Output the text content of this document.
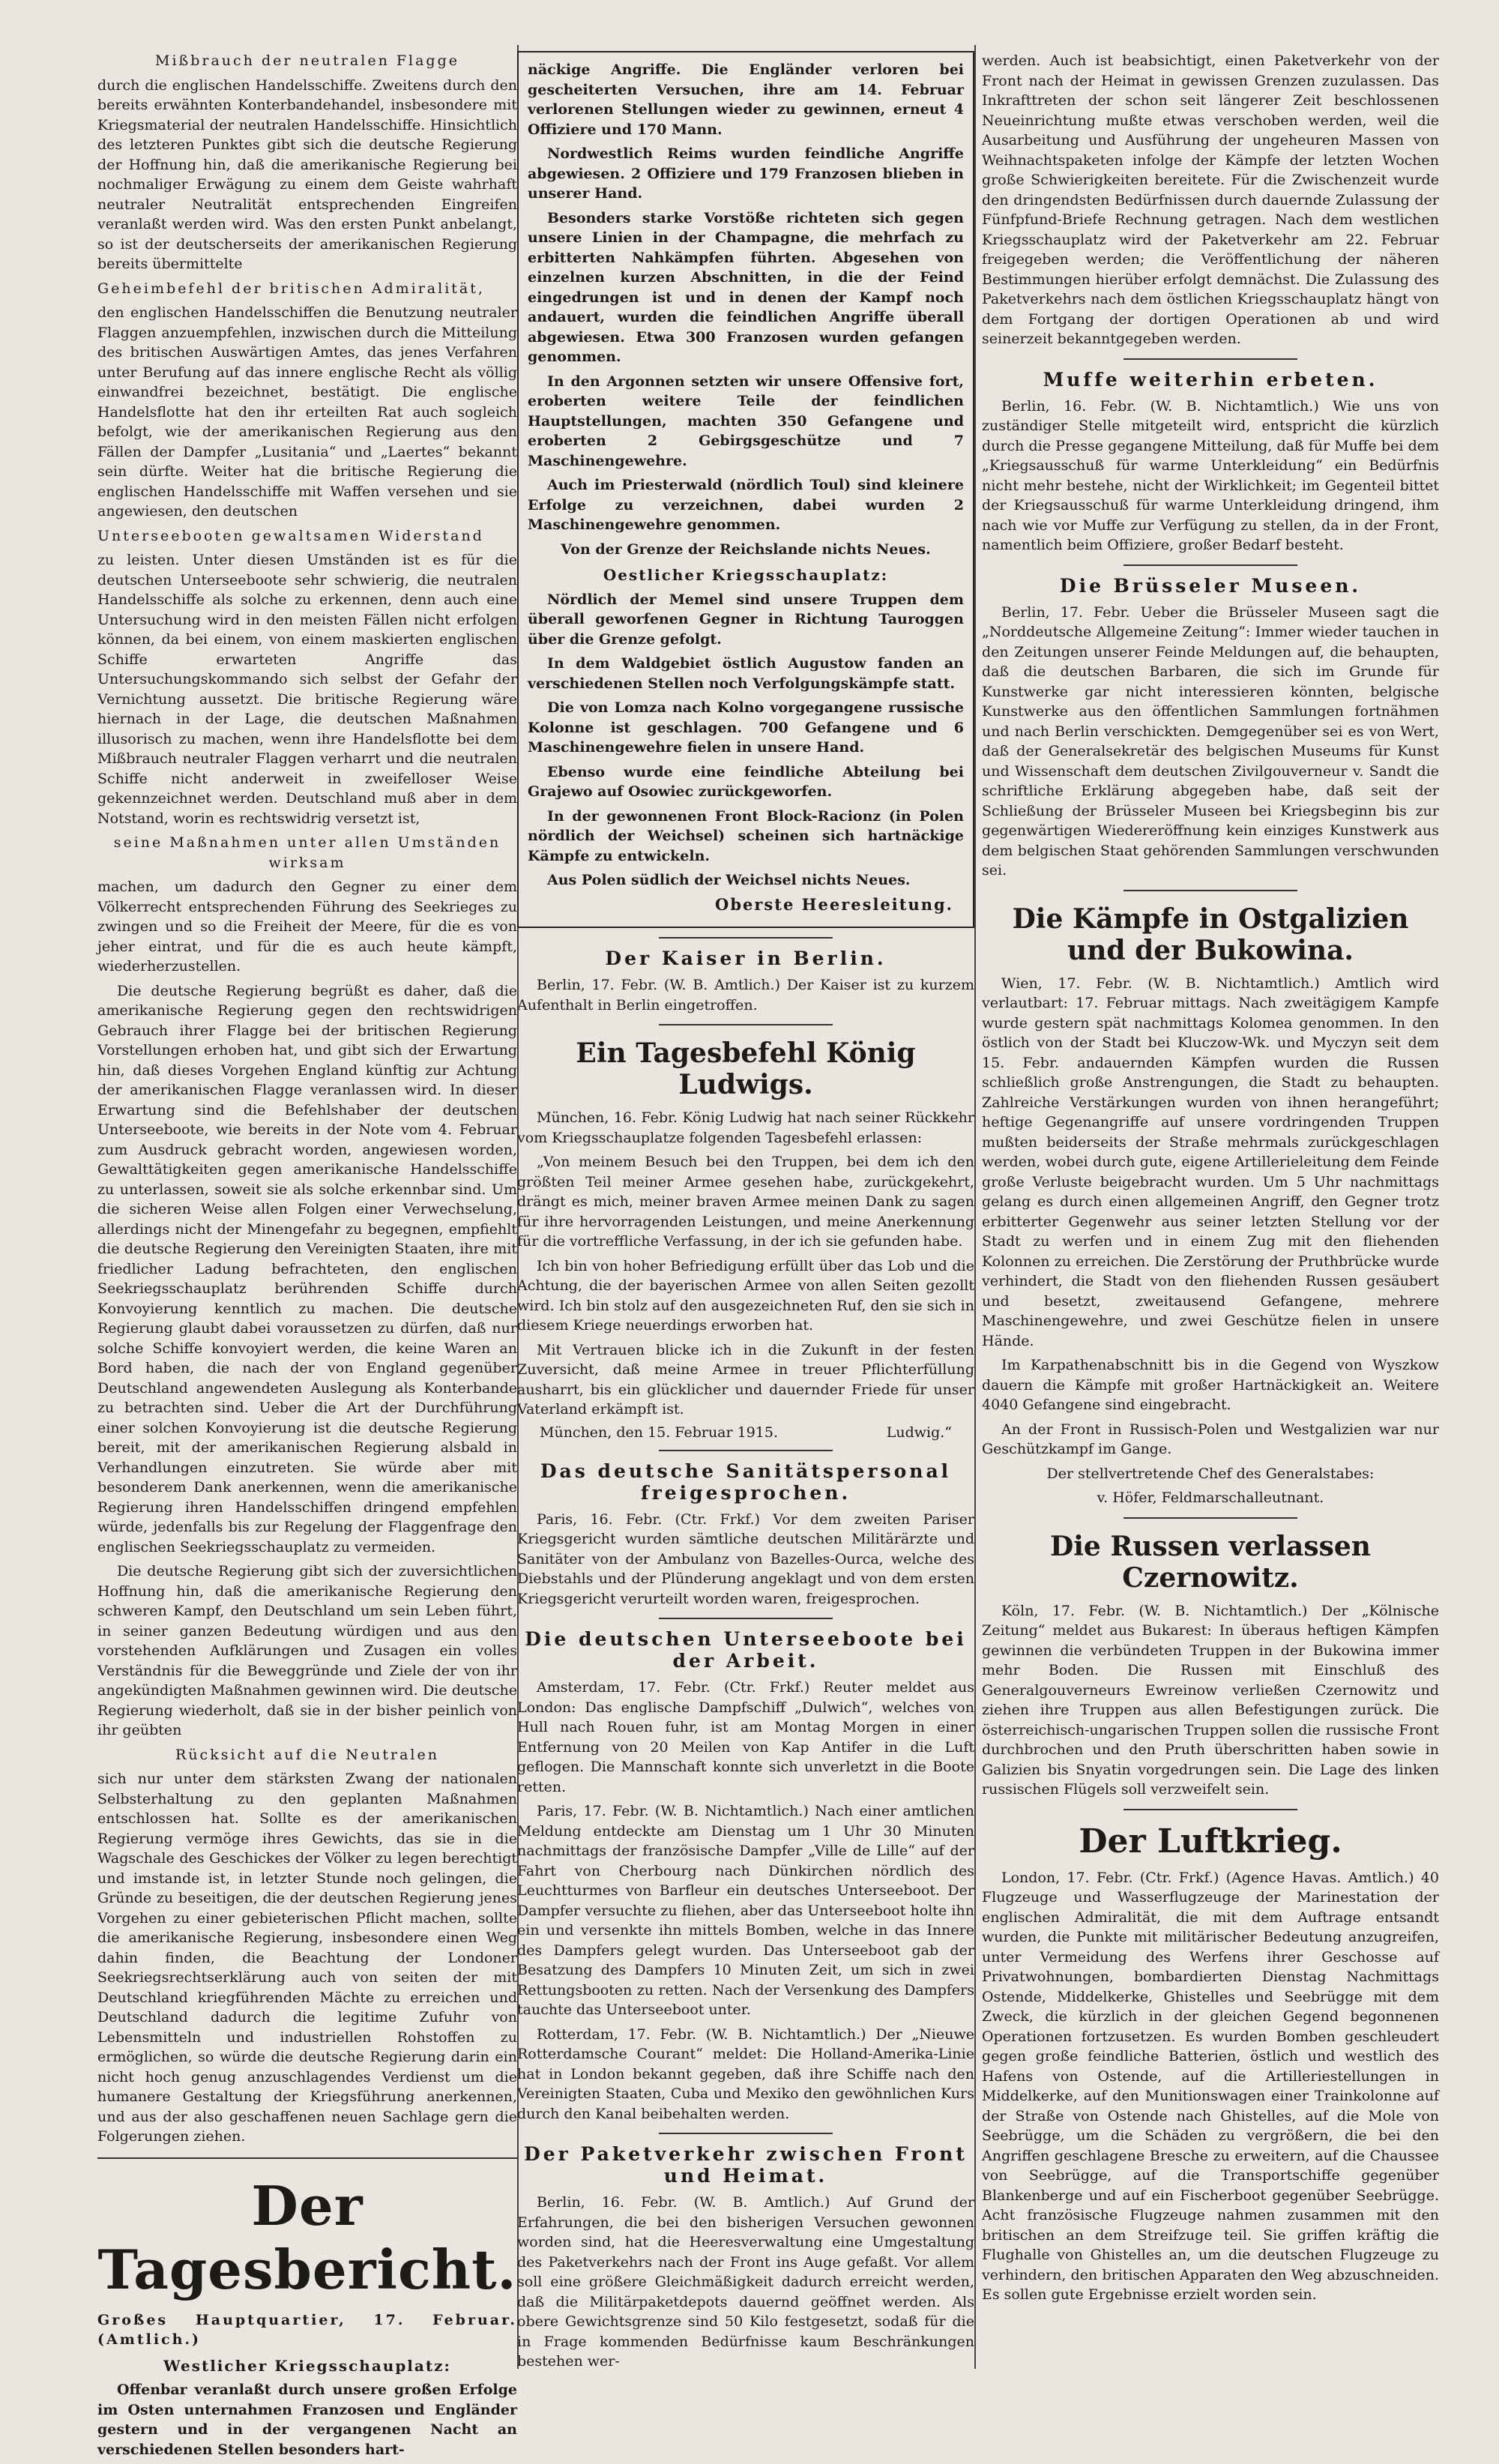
Mißbrauch der neutralen Flagge

durch die englischen Handelsschiffe. Zweitens durch den bereits erwähnten Konterbandehandel, insbesondere mit Kriegsmaterial der neutralen Handelsschiffe. Hinsichtlich des letzteren Punktes gibt sich die deutsche Regierung der Hoffnung hin, daß die amerikanische Regierung bei nochmaliger Erwägung zu einem dem Geiste wahrhaft neutraler Neutralität entsprechenden Eingreifen veranlaßt werden wird. Was den ersten Punkt anbelangt, so ist der deutscherseits der amerikanischen Regierung bereits übermittelte

Geheimbefehl der britischen Admiralität,

den englischen Handelsschiffen die Benutzung neutraler Flaggen anzuempfehlen, inzwischen durch die Mitteilung des britischen Auswärtigen Amtes, das jenes Verfahren unter Berufung auf das innere englische Recht als völlig einwandfrei bezeichnet, bestätigt. Die englische Handelsflotte hat den ihr erteilten Rat auch sogleich befolgt, wie der amerikanischen Regierung aus den Fällen der Dampfer „Lusitania“ und „Laertes“ bekannt sein dürfte. Weiter hat die britische Regierung die englischen Handelsschiffe mit Waffen versehen und sie angewiesen, den deutschen

Unterseebooten gewaltsamen Widerstand

zu leisten. Unter diesen Umständen ist es für die deutschen Unterseeboote sehr schwierig, die neutralen Handelsschiffe als solche zu erkennen, denn auch eine Untersuchung wird in den meisten Fällen nicht erfolgen können, da bei einem, von einem maskierten englischen Schiffe erwarteten Angriffe das Untersuchungskommando sich selbst der Gefahr der Vernichtung aussetzt. Die britische Regierung wäre hiernach in der Lage, die deutschen Maßnahmen illusorisch zu machen, wenn ihre Handelsflotte bei dem Mißbrauch neutraler Flaggen verharrt und die neutralen Schiffe nicht anderweit in zweifelloser Weise gekennzeichnet werden. Deutschland muß aber in dem Notstand, worin es rechtswidrig versetzt ist,

seine Maßnahmen unter allen Umständen wirksam

machen, um dadurch den Gegner zu einer dem Völkerrecht entsprechenden Führung des Seekrieges zu zwingen und so die Freiheit der Meere, für die es von jeher eintrat, und für die es auch heute kämpft, wiederherzustellen.

Die deutsche Regierung begrüßt es daher, daß die amerikanische Regierung gegen den rechtswidrigen Gebrauch ihrer Flagge bei der britischen Regierung Vorstellungen erhoben hat, und gibt sich der Erwartung hin, daß dieses Vorgehen England künftig zur Achtung der amerikanischen Flagge veranlassen wird. In dieser Erwartung sind die Befehlshaber der deutschen Unterseeboote, wie bereits in der Note vom 4. Februar zum Ausdruck gebracht worden, angewiesen worden, Gewalttätigkeiten gegen amerikanische Handelsschiffe zu unterlassen, soweit sie als solche erkennbar sind. Um die sicheren Weise allen Folgen einer Verwechselung, allerdings nicht der Minengefahr zu begegnen, empfiehlt die deutsche Regierung den Vereinigten Staaten, ihre mit friedlicher Ladung befrachteten, den englischen Seekriegsschauplatz berührenden Schiffe durch Konvoyierung kenntlich zu machen. Die deutsche Regierung glaubt dabei voraussetzen zu dürfen, daß nur solche Schiffe konvoyiert werden, die keine Waren an Bord haben, die nach der von England gegenüber Deutschland angewendeten Auslegung als Konterbande zu betrachten sind. Ueber die Art der Durchführung einer solchen Konvoyierung ist die deutsche Regierung bereit, mit der amerikanischen Regierung alsbald in Verhandlungen einzutreten. Sie würde aber mit besonderem Dank anerkennen, wenn die amerikanische Regierung ihren Handelsschiffen dringend empfehlen würde, jedenfalls bis zur Regelung der Flaggenfrage den englischen Seekriegsschauplatz zu vermeiden.

Die deutsche Regierung gibt sich der zuversichtlichen Hoffnung hin, daß die amerikanische Regierung den schweren Kampf, den Deutschland um sein Leben führt, in seiner ganzen Bedeutung würdigen und aus den vorstehenden Aufklärungen und Zusagen ein volles Verständnis für die Beweggründe und Ziele der von ihr angekündigten Maßnahmen gewinnen wird. Die deutsche Regierung wiederholt, daß sie in der bisher peinlich von ihr geübten

Rücksicht auf die Neutralen

sich nur unter dem stärksten Zwang der nationalen Selbsterhaltung zu den geplanten Maßnahmen entschlossen hat. Sollte es der amerikanischen Regierung vermöge ihres Gewichts, das sie in die Wagschale des Geschickes der Völker zu legen berechtigt und imstande ist, in letzter Stunde noch gelingen, die Gründe zu beseitigen, die der deutschen Regierung jenes Vorgehen zu einer gebieterischen Pflicht machen, sollte die amerikanische Regierung, insbesondere einen Weg dahin finden, die Beachtung der Londoner Seekriegsrechtserklärung auch von seiten der mit Deutschland kriegführenden Mächte zu erreichen und Deutschland dadurch die legitime Zufuhr von Lebensmitteln und industriellen Rohstoffen zu ermöglichen, so würde die deutsche Regierung darin ein nicht hoch genug anzuschlagendes Verdienst um die humanere Gestaltung der Kriegsführung anerkennen, und aus der also geschaffenen neuen Sachlage gern die Folgerungen ziehen.

Der Tagesbericht.

Großes Hauptquartier, 17. Februar. (Amtlich.)

Westlicher Kriegsschauplatz:

Offenbar veranlaßt durch unsere großen Erfolge im Osten unternahmen Franzosen und Engländer gestern und in der vergangenen Nacht an verschiedenen Stellen besonders hart-

näckige Angriffe. Die Engländer verloren bei gescheiterten Versuchen, ihre am 14. Februar verlorenen Stellungen wieder zu gewinnen, erneut 4 Offiziere und 170 Mann.

Nordwestlich Reims wurden feindliche Angriffe abgewiesen. 2 Offiziere und 179 Franzosen blieben in unserer Hand.

Besonders starke Vorstöße richteten sich gegen unsere Linien in der Champagne, die mehrfach zu erbitterten Nahkämpfen führten. Abgesehen von einzelnen kurzen Abschnitten, in die der Feind eingedrungen ist und in denen der Kampf noch andauert, wurden die feindlichen Angriffe überall abgewiesen. Etwa 300 Franzosen wurden gefangen genommen.

In den Argonnen setzten wir unsere Offensive fort, eroberten weitere Teile der feindlichen Hauptstellungen, machten 350 Gefangene und eroberten 2 Gebirgsgeschütze und 7 Maschinengewehre.

Auch im Priesterwald (nördlich Toul) sind kleinere Erfolge zu verzeichnen, dabei wurden 2 Maschinengewehre genommen.

Von der Grenze der Reichslande nichts Neues.

Oestlicher Kriegsschauplatz:

Nördlich der Memel sind unsere Truppen dem überall geworfenen Gegner in Richtung Tauroggen über die Grenze gefolgt.

In dem Waldgebiet östlich Augustow fanden an verschiedenen Stellen noch Verfolgungskämpfe statt.

Die von Lomza nach Kolno vorgegangene russische Kolonne ist geschlagen. 700 Gefangene und 6 Maschinengewehre fielen in unsere Hand.

Ebenso wurde eine feindliche Abteilung bei Grajewo auf Osowiec zurückgeworfen.

In der gewonnenen Front Block-Racionz (in Polen nördlich der Weichsel) scheinen sich hartnäckige Kämpfe zu entwickeln.

Aus Polen südlich der Weichsel nichts Neues.

Oberste Heeresleitung.

Der Kaiser in Berlin.

Berlin, 17. Febr. (W. B. Amtlich.) Der Kaiser ist zu kurzem Aufenthalt in Berlin eingetroffen.

Ein Tagesbefehl König Ludwigs.

München, 16. Febr. König Ludwig hat nach seiner Rückkehr vom Kriegsschauplatze folgenden Tagesbefehl erlassen:

„Von meinem Besuch bei den Truppen, bei dem ich den größten Teil meiner Armee gesehen habe, zurückgekehrt, drängt es mich, meiner braven Armee meinen Dank zu sagen für ihre hervorragenden Leistungen, und meine Anerkennung für die vortreffliche Verfassung, in der ich sie gefunden habe.

Ich bin von hoher Befriedigung erfüllt über das Lob und die Achtung, die der bayerischen Armee von allen Seiten gezollt wird. Ich bin stolz auf den ausgezeichneten Ruf, den sie sich in diesem Kriege neuerdings erworben hat.

Mit Vertrauen blicke ich in die Zukunft in der festen Zuversicht, daß meine Armee in treuer Pflichterfüllung ausharrt, bis ein glücklicher und dauernder Friede für unser Vaterland erkämpft ist.

München, den 15. Februar 1915.	Ludwig.“
Das deutsche Sanitätspersonal freigesprochen.

Paris, 16. Febr. (Ctr. Frkf.) Vor dem zweiten Pariser Kriegsgericht wurden sämtliche deutschen Militärärzte und Sanitäter von der Ambulanz von Bazelles-Ourca, welche des Diebstahls und der Plünderung angeklagt und von dem ersten Kriegsgericht verurteilt worden waren, freigesprochen.

Die deutschen Unterseeboote bei der Arbeit.

Amsterdam, 17. Febr. (Ctr. Frkf.) Reuter meldet aus London: Das englische Dampfschiff „Dulwich“, welches von Hull nach Rouen fuhr, ist am Montag Morgen in einer Entfernung von 20 Meilen von Kap Antifer in die Luft geflogen. Die Mannschaft konnte sich unverletzt in die Boote retten.

Paris, 17. Febr. (W. B. Nichtamtlich.) Nach einer amtlichen Meldung entdeckte am Dienstag um 1 Uhr 30 Minuten nachmittags der französische Dampfer „Ville de Lille“ auf der Fahrt von Cherbourg nach Dünkirchen nördlich des Leuchtturmes von Barfleur ein deutsches Unterseeboot. Der Dampfer versuchte zu fliehen, aber das Unterseeboot holte ihn ein und versenkte ihn mittels Bomben, welche in das Innere des Dampfers gelegt wurden. Das Unterseeboot gab der Besatzung des Dampfers 10 Minuten Zeit, um sich in zwei Rettungsbooten zu retten. Nach der Versenkung des Dampfers tauchte das Unterseeboot unter.

Rotterdam, 17. Febr. (W. B. Nichtamtlich.) Der „Nieuwe Rotterdamsche Courant“ meldet: Die Holland-Amerika-Linie hat in London bekannt gegeben, daß ihre Schiffe nach den Vereinigten Staaten, Cuba und Mexiko den gewöhnlichen Kurs durch den Kanal beibehalten werden.

Der Paketverkehr zwischen Front und Heimat.

Berlin, 16. Febr. (W. B. Amtlich.) Auf Grund der Erfahrungen, die bei den bisherigen Versuchen gewonnen worden sind, hat die Heeresverwaltung eine Umgestaltung des Paketverkehrs nach der Front ins Auge gefaßt. Vor allem soll eine größere Gleichmäßigkeit dadurch erreicht werden, daß die Militärpaketdepots dauernd geöffnet werden. Als obere Gewichtsgrenze sind 50 Kilo festgesetzt, sodaß für die in Frage kommenden Bedürfnisse kaum Beschränkungen bestehen wer-

werden. Auch ist beabsichtigt, einen Paketverkehr von der Front nach der Heimat in gewissen Grenzen zuzulassen. Das Inkrafttreten der schon seit längerer Zeit beschlossenen Neueinrichtung mußte etwas verschoben werden, weil die Ausarbeitung und Ausführung der ungeheuren Massen von Weihnachtspaketen infolge der Kämpfe der letzten Wochen große Schwierigkeiten bereitete. Für die Zwischenzeit wurde den dringendsten Bedürfnissen durch dauernde Zulassung der Fünfpfund-Briefe Rechnung getragen. Nach dem westlichen Kriegsschauplatz wird der Paketverkehr am 22. Februar freigegeben werden; die Veröffentlichung der näheren Bestimmungen hierüber erfolgt demnächst. Die Zulassung des Paketverkehrs nach dem östlichen Kriegsschauplatz hängt von dem Fortgang der dortigen Operationen ab und wird seinerzeit bekanntgegeben werden.

Muffe weiterhin erbeten.

Berlin, 16. Febr. (W. B. Nichtamtlich.) Wie uns von zuständiger Stelle mitgeteilt wird, entspricht die kürzlich durch die Presse gegangene Mitteilung, daß für Muffe bei dem „Kriegsausschuß für warme Unterkleidung“ ein Bedürfnis nicht mehr bestehe, nicht der Wirklichkeit; im Gegenteil bittet der Kriegsausschuß für warme Unterkleidung dringend, ihm nach wie vor Muffe zur Verfügung zu stellen, da in der Front, namentlich beim Offiziere, großer Bedarf besteht.

Die Brüsseler Museen.

Berlin, 17. Febr. Ueber die Brüsseler Museen sagt die „Norddeutsche Allgemeine Zeitung“: Immer wieder tauchen in den Zeitungen unserer Feinde Meldungen auf, die behaupten, daß die deutschen Barbaren, die sich im Grunde für Kunstwerke gar nicht interessieren könnten, belgische Kunstwerke aus den öffentlichen Sammlungen fortnähmen und nach Berlin verschickten. Demgegenüber sei es von Wert, daß der Generalsekretär des belgischen Museums für Kunst und Wissenschaft dem deutschen Zivilgouverneur v. Sandt die schriftliche Erklärung abgegeben habe, daß seit der Schließung der Brüsseler Museen bei Kriegsbeginn bis zur gegenwärtigen Wiedereröffnung kein einziges Kunstwerk aus dem belgischen Staat gehörenden Sammlungen verschwunden sei.

Die Kämpfe in Ostgalizien und der Bukowina.

Wien, 17. Febr. (W. B. Nichtamtlich.) Amtlich wird verlautbart: 17. Februar mittags. Nach zweitägigem Kampfe wurde gestern spät nachmittags Kolomea genommen. In den östlich von der Stadt bei Kluczow-Wk. und Myczyn seit dem 15. Febr. andauernden Kämpfen wurden die Russen schließlich große Anstrengungen, die Stadt zu behaupten. Zahlreiche Verstärkungen wurden von ihnen herangeführt; heftige Gegenangriffe auf unsere vordringenden Truppen mußten beiderseits der Straße mehrmals zurückgeschlagen werden, wobei durch gute, eigene Artillerieleitung dem Feinde große Verluste beigebracht wurden. Um 5 Uhr nachmittags gelang es durch einen allgemeinen Angriff, den Gegner trotz erbitterter Gegenwehr aus seiner letzten Stellung vor der Stadt zu werfen und in einem Zug mit den fliehenden Kolonnen zu erreichen. Die Zerstörung der Pruthbrücke wurde verhindert, die Stadt von den fliehenden Russen gesäubert und besetzt, zweitausend Gefangene, mehrere Maschinengewehre, und zwei Geschütze fielen in unsere Hände.

Im Karpathenabschnitt bis in die Gegend von Wyszkow dauern die Kämpfe mit großer Hartnäckigkeit an. Weitere 4040 Gefangene sind eingebracht.

An der Front in Russisch-Polen und Westgalizien war nur Geschützkampf im Gange.

Der stellvertretende Chef des Generalstabes:

v. Höfer, Feldmarschalleutnant.

Die Russen verlassen Czernowitz.

Köln, 17. Febr. (W. B. Nichtamtlich.) Der „Kölnische Zeitung“ meldet aus Bukarest: In überaus heftigen Kämpfen gewinnen die verbündeten Truppen in der Bukowina immer mehr Boden. Die Russen mit Einschluß des Generalgouverneurs Ewreinow verließen Czernowitz und ziehen ihre Truppen aus allen Befestigungen zurück. Die österreichisch-ungarischen Truppen sollen die russische Front durchbrochen und den Pruth überschritten haben sowie in Galizien bis Snyatin vorgedrungen sein. Die Lage des linken russischen Flügels soll verzweifelt sein.

Der Luftkrieg.

London, 17. Febr. (Ctr. Frkf.) (Agence Havas. Amtlich.) 40 Flugzeuge und Wasserflugzeuge der Marinestation der englischen Admiralität, die mit dem Auftrage entsandt wurden, die Punkte mit militärischer Bedeutung anzugreifen, unter Vermeidung des Werfens ihrer Geschosse auf Privatwohnungen, bombardierten Dienstag Nachmittags Ostende, Middelkerke, Ghistelles und Seebrügge mit dem Zweck, die kürzlich in der gleichen Gegend begonnenen Operationen fortzusetzen. Es wurden Bomben geschleudert gegen große feindliche Batterien, östlich und westlich des Hafens von Ostende, auf die Artilleriestellungen in Middelkerke, auf den Munitionswagen einer Trainkolonne auf der Straße von Ostende nach Ghistelles, auf die Mole von Seebrügge, um die Schäden zu vergrößern, die bei den Angriffen geschlagene Bresche zu erweitern, auf die Chaussee von Seebrügge, auf die Transportschiffe gegenüber Blankenberge und auf ein Fischerboot gegenüber Seebrügge. Acht französische Flugzeuge nahmen zusammen mit den britischen an dem Streifzuge teil. Sie griffen kräftig die Flughalle von Ghistelles an, um die deutschen Flugzeuge zu verhindern, den britischen Apparaten den Weg abzuschneiden. Es sollen gute Ergebnisse erzielt worden sein.
